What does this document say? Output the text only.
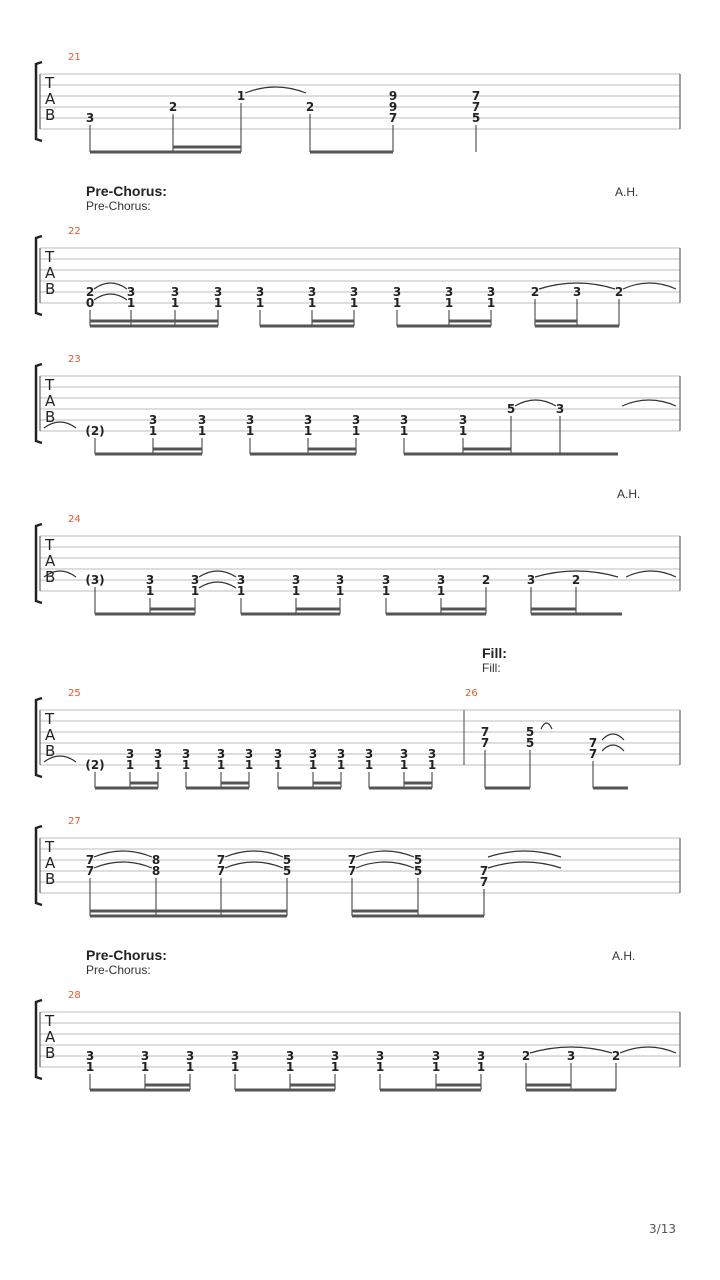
Pre-Chorus:
Pre-Chorus:
A.H.
A.H.
Fill:
Fill:
Pre-Chorus:
Pre-Chorus:
A.H.
21
22
23
24
25	26
27
28
T
A
B	3
2
1
2
9
9
7
7
7
5
T
A
B	2
0
3
1
3
1
3
1
3
1
3
1
3
1
3
1
3
1
3
1
2	3	2
T
A
B
(2)
3
1
3
1
3
1
3
1
3
1
3
1
3
1
5	3
T
A
B	(3)	3
1
3
1
3
1
3
1
3
1
3
1
3
1
2	3	2
T
A
B
(2)
3
1
3
1
3
1
3
1
3
1
3
1
3
1
3
1
3
1
3
1
3
1
7
7
5
5	7
7
T
A
B
7
7
8
8
7
7
5
5
7
7
5
5	7
7
T
A
B	3
1
3
1
3
1
3
1
3
1
3
1
3
1
3
1
3
1
2	3	2
3/13
